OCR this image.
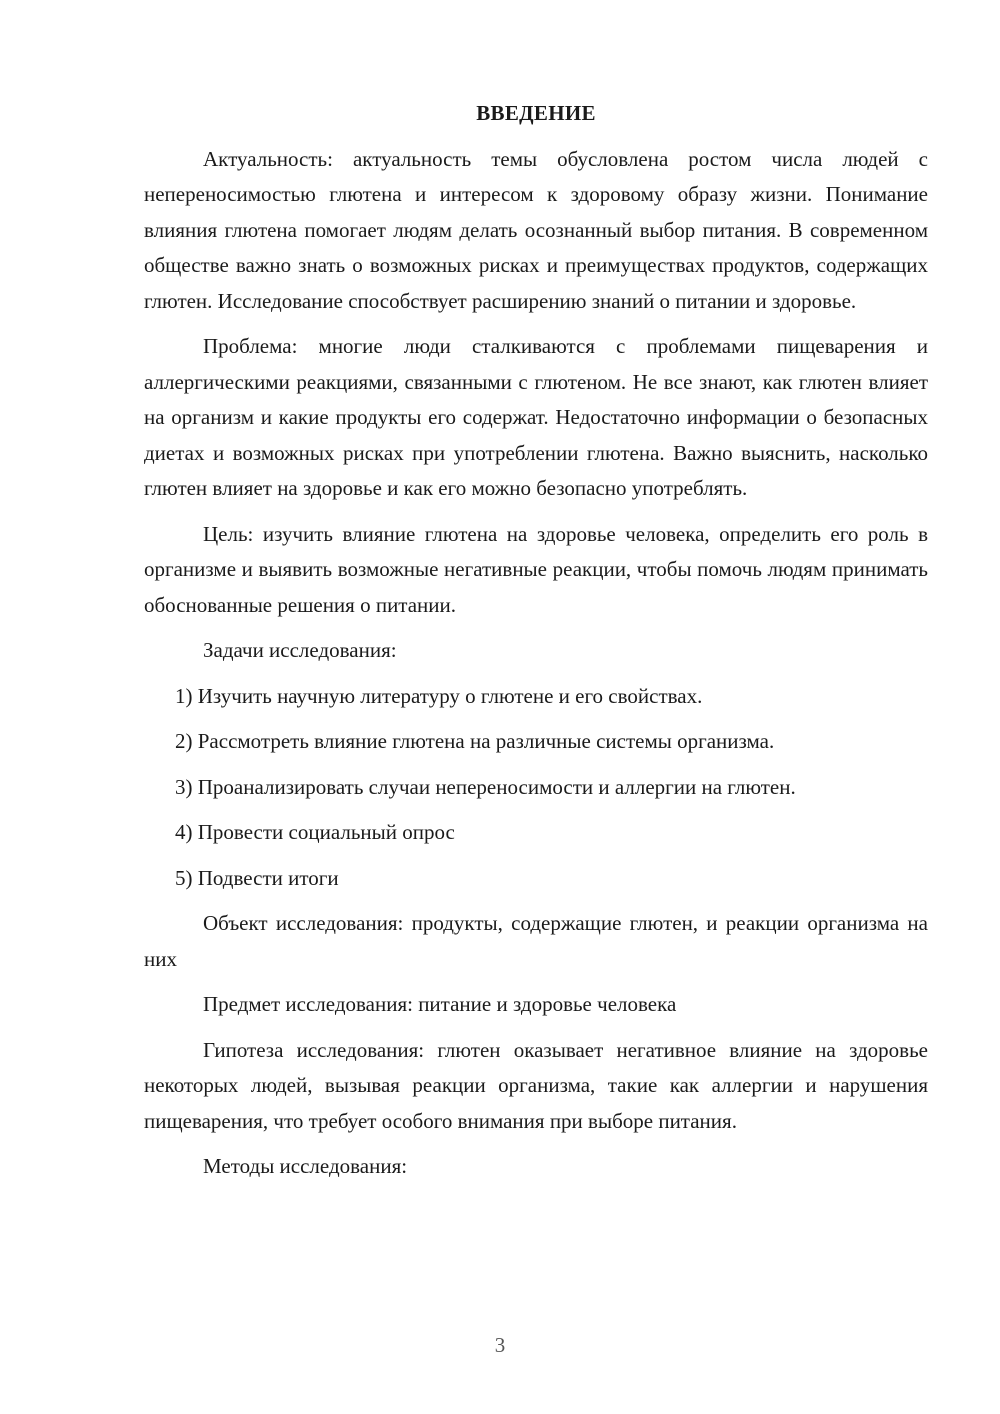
ВВЕДЕНИЕ
Актуальность: актуальность темы обусловлена ростом числа людей с непереносимостью глютена и интересом к здоровому образу жизни. Понимание влияния глютена помогает людям делать осознанный выбор питания. В современном обществе важно знать о возможных рисках и преимуществах продуктов, содержащих глютен. Исследование способствует расширению знаний о питании и здоровье.
Проблема: многие люди сталкиваются с проблемами пищеварения и аллергическими реакциями, связанными с глютеном. Не все знают, как глютен влияет на организм и какие продукты его содержат. Недостаточно информации о безопасных диетах и возможных рисках при употреблении глютена. Важно выяснить, насколько глютен влияет на здоровье и как его можно безопасно употреблять.
Цель: изучить влияние глютена на здоровье человека, определить его роль в организме и выявить возможные негативные реакции, чтобы помочь людям принимать обоснованные решения о питании.
Задачи исследования:
1) Изучить научную литературу о глютене и его свойствах.
2) Рассмотреть влияние глютена на различные системы организма.
3) Проанализировать случаи непереносимости и аллергии на глютен.
4) Провести социальный опрос
5) Подвести итоги
Объект исследования: продукты, содержащие глютен, и реакции организма на них
Предмет исследования: питание и здоровье человека
Гипотеза исследования: глютен оказывает негативное влияние на здоровье некоторых людей, вызывая реакции организма, такие как аллергии и нарушения пищеварения, что требует особого внимания при выборе питания.
Методы исследования:
3
